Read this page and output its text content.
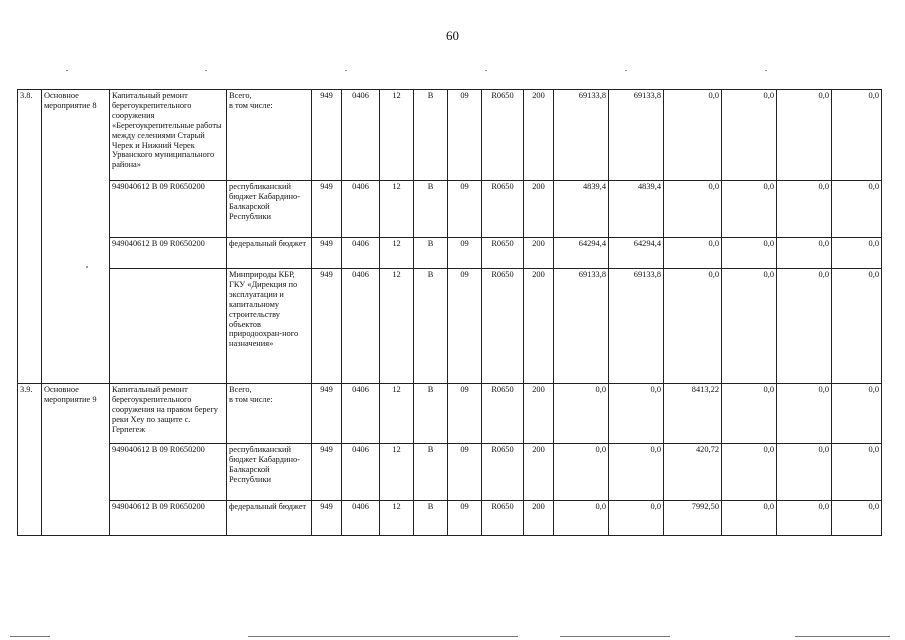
60
3.8.	Основное мероприятие 8	Капитальный ремонт берегоукрепительного сооружения «Берегоукрепительные работы между селениями Старый Черек и Нижний Черек Урванского муниципального района»	Всего,
в том числе:	949	0406	12	В	09	R0650	200	69133,8	69133,8	0,0	0,0	0,0	0,0
		949040612 В 09 R0650200	республиканский бюджет Кабардино-Балкарской Республики	949	0406	12	В	09	R0650	200	4839,4	4839,4	0,0	0,0	0,0	0,0
		949040612 В 09 R0650200	федеральный бюджет	949	0406	12	В	09	R0650	200	64294,4	64294,4	0,0	0,0	0,0	0,0
			Минприроды КБР, ГКУ «Дирекция по эксплуатации и капитальному строительству объектов природоохран-ного назначения»	949	0406	12	В	09	R0650	200	69133,8	69133,8	0,0	0,0	0,0	0,0
3.9.	Основное мероприятие 9	Капитальный ремонт берегоукрепительного сооружения на правом берегу реки Хеу по защите с. Герпегеж	Всего,
в том числе:	949	0406	12	В	09	R0650	200	0,0	0,0	8413,22	0,0	0,0	0,0
		949040612 В 09 R0650200	республиканский бюджет Кабардино-Балкарской Республики	949	0406	12	В	09	R0650	200	0,0	0,0	420,72	0,0	0,0	0,0
		949040612 В 09 R0650200	федеральный бюджет	949	0406	12	В	09	R0650	200	0,0	0,0	7992,50	0,0	0,0	0,0
